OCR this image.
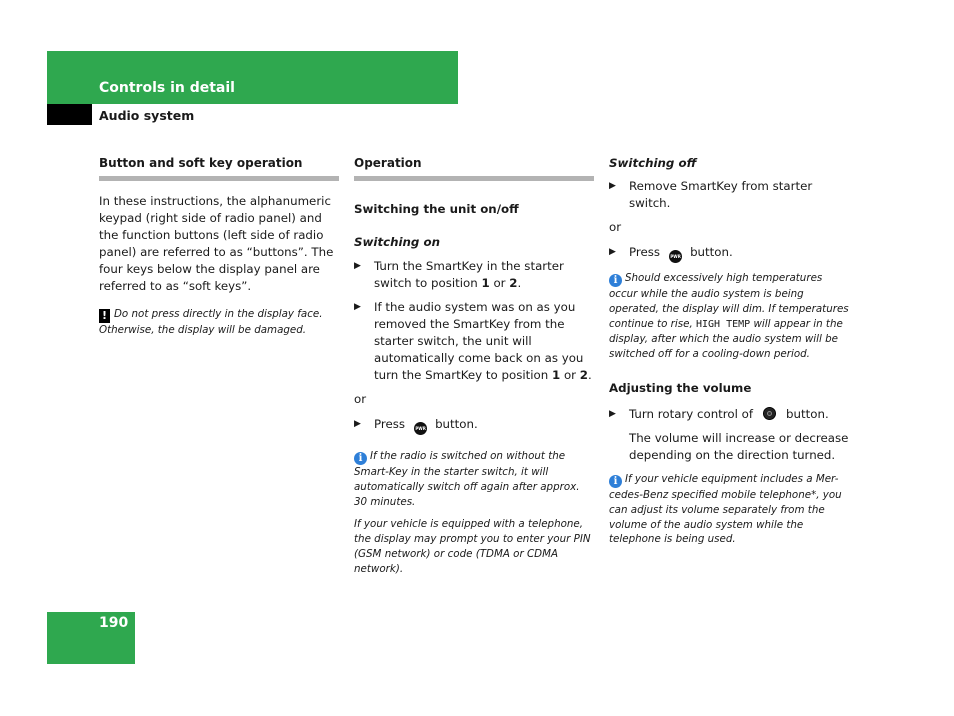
Controls in detail
Audio system
Button and soft key operation

In these instructions, the alphanumeric keypad (right side of radio panel) and the function buttons (left side of radio panel) are referred to as “buttons”. The four keys below the display panel are referred to as “soft keys”.

! Do not press directly in the display face. Otherwise, the display will be damaged.
Operation
Switching the unit on/off
Switching on
▶ Turn the SmartKey in the starter switch to position 1 or 2.
▶ If the audio system was on as you removed the SmartKey from the starter switch, the unit will automatically come back on as you turn the SmartKey to position 1 or 2.

or

▶ Press	PWR button.
i If the radio is switched on without the Smart-Key in the starter switch, it will automatically switch off again after approx. 30 minutes.
If your vehicle is equipped with a telephone, the display may prompt you to enter your PIN (GSM network) or code (TDMA or CDMA network).
Switching off
▶ Remove SmartKey from starter switch.

or

▶ Press	PWR button.
i Should excessively high temperatures occur while the audio system is being operated, the display will dim. If temperatures continue to rise, HIGH TEMP will appear in the display, after which the audio system will be switched off for a cooling-down period.
Adjusting the volume
▶ Turn rotary control of	button.

The volume will increase or decrease depending on the direction turned.

i If your vehicle equipment includes a Mer-cedes-Benz specified mobile telephone*, you can adjust its volume separately from the volume of the audio system while the telephone is being used.
190
